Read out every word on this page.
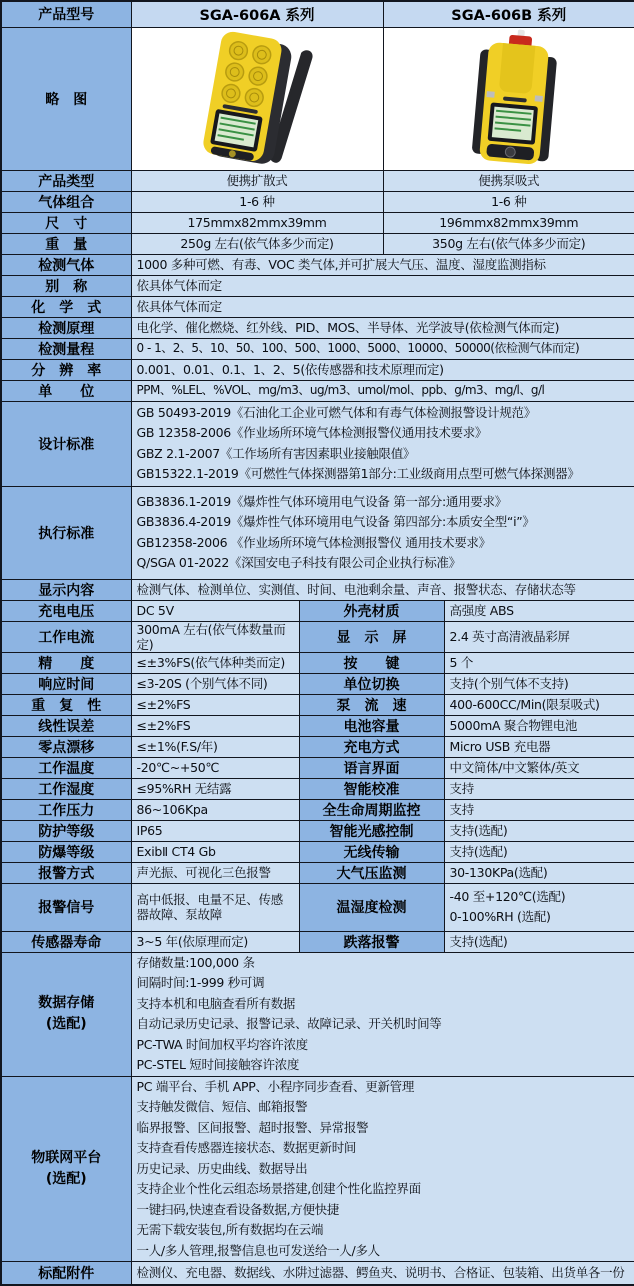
产品型号	SGA-606A 系列		SGA-606B 系列	
略　图	

产品类型	便携扩散式		便携泵吸式	
气体组合	1-6 种		1-6 种	
尺　寸	175mmx82mmx39mm		196mmx82mmx39mm	
重　量	250g 左右(依气体多少而定)		350g 左右(依气体多少而定)	
检测气体	1000 多种可燃、有毒、VOC 类气体,并可扩展大气压、温度、湿度监测指标			
别　称	依具体气体而定			
化　学　式	依具体气体而定			
检测原理	电化学、催化燃烧、红外线、PID、MOS、半导体、光学波导(依检测气体而定)			
检测量程	0 - 1、2、5、10、50、100、500、1000、5000、10000、50000(依检测气体而定)			
分　辨　率	0.001、0.01、0.1、1、2、5(依传感器和技术原理而定)			
单　　位	PPM、%LEL、%VOL、mg/m3、ug/m3、umol/mol、ppb、g/m3、mg/l、g/l			
设计标准	GB 50493-2019《石油化工企业可燃气体和有毒气体检测报警设计规范》
GB 12358-2006《作业场所环境气体检测报警仪通用技术要求》
GBZ 2.1-2007《工作场所有害因素职业接触限值》
GB15322.1-2019《可燃性气体探测器第1部分:工业级商用点型可燃气体探测器》			

执行标准	GB3836.1-2019《爆炸性气体环境用电气设备 第一部分:通用要求》
GB3836.4-2019《爆炸性气体环境用电气设备 第四部分:本质安全型“i”》
GB12358-2006 《作业场所环境气体检测报警仪 通用技术要求》
Q/SGA 01-2022《深国安电子科技有限公司企业执行标准》			

显示内容	检测气体、检测单位、实测值、时间、电池剩余量、声音、报警状态、存储状态等			
充电电压	DC 5V	外壳材质		高强度 ABS
工作电流	300mA 左右(依气体数量而定)	显　示　屏		2.4 英寸高清液晶彩屏
精　　度	≤±3%FS(依气体种类而定)	按　　键		5 个
响应时间	≤3-20S (个别气体不同)	单位切换		支持(个别气体不支持)
重　复　性	≤±2%FS	泵　流　速		400-600CC/Min(限泵吸式)
线性误差	≤±2%FS	电池容量		5000mA 聚合物锂电池
零点漂移	≤±1%(F.S/年)	充电方式		Micro USB 充电器
工作温度	-20℃~+50℃	语言界面		中文简体/中文繁体/英文
工作湿度	≤95%RH 无结露	智能校准		支持
工作压力	86~106Kpa	全生命周期监控		支持
防护等级	IP65	智能光感控制		支持(选配)
防爆等级	ExibⅡ CT4 Gb	无线传输		支持(选配)
报警方式	声光振、可视化三色报警	大气压监测		30-130KPa(选配)
报警信号	高中低报、电量不足、传感器故障、泵故障	温湿度检测		-40 至+120℃(选配)
0-100%RH (选配)

传感器寿命	3~5 年(依原理而定)	跌落报警		支持(选配)

数据存储
(选配)

存储数量:100,000 条
间隔时间:1-999 秒可调
支持本机和电脑查看所有数据
自动记录历史记录、报警记录、故障记录、开关机时间等
PC-TWA 时间加权平均容许浓度
PC-STEL 短时间接触容许浓度

物联网平台
(选配)

PC 端平台、手机 APP、小程序同步查看、更新管理
支持触发微信、短信、邮箱报警
临界报警、区间报警、超时报警、异常报警
支持查看传感器连接状态、数据更新时间
历史记录、历史曲线、数据导出
支持企业个性化云组态场景搭建,创建个性化监控界面
一键扫码,快速查看设备数据,方便快捷
无需下载安装包,所有数据均在云端
一人/多人管理,报警信息也可发送给一人/多人

标配附件	检测仪、充电器、数据线、水阱过滤器、鳄鱼夹、说明书、合格证、包装箱、出货单各一份			
